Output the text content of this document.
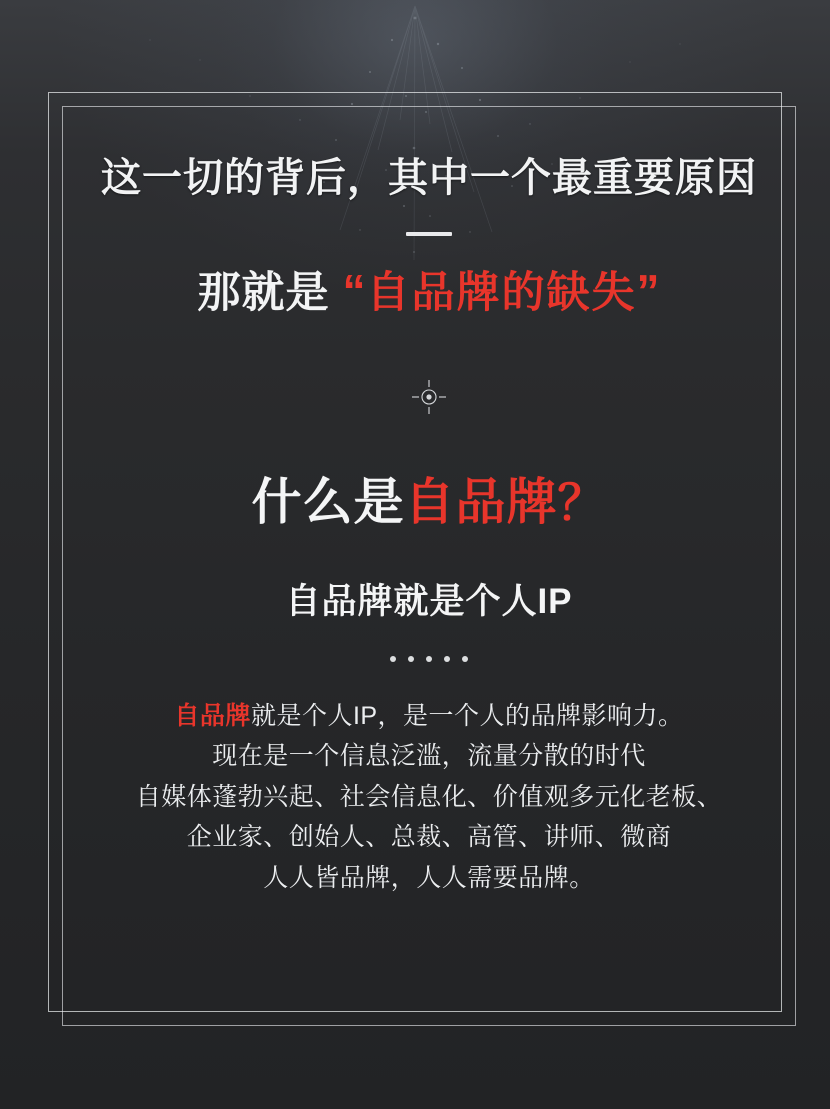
这一切的背后，其中一个最重要原因
那就是 “自品牌的缺失”
什么是自品牌？
自品牌就是个人IP

自品牌就是个人IP，是一个人的品牌影响力。

现在是一个信息泛滥，流量分散的时代

自媒体蓬勃兴起、社会信息化、价值观多元化老板、

企业家、创始人、总裁、高管、讲师、微商

人人皆品牌，人人需要品牌。
